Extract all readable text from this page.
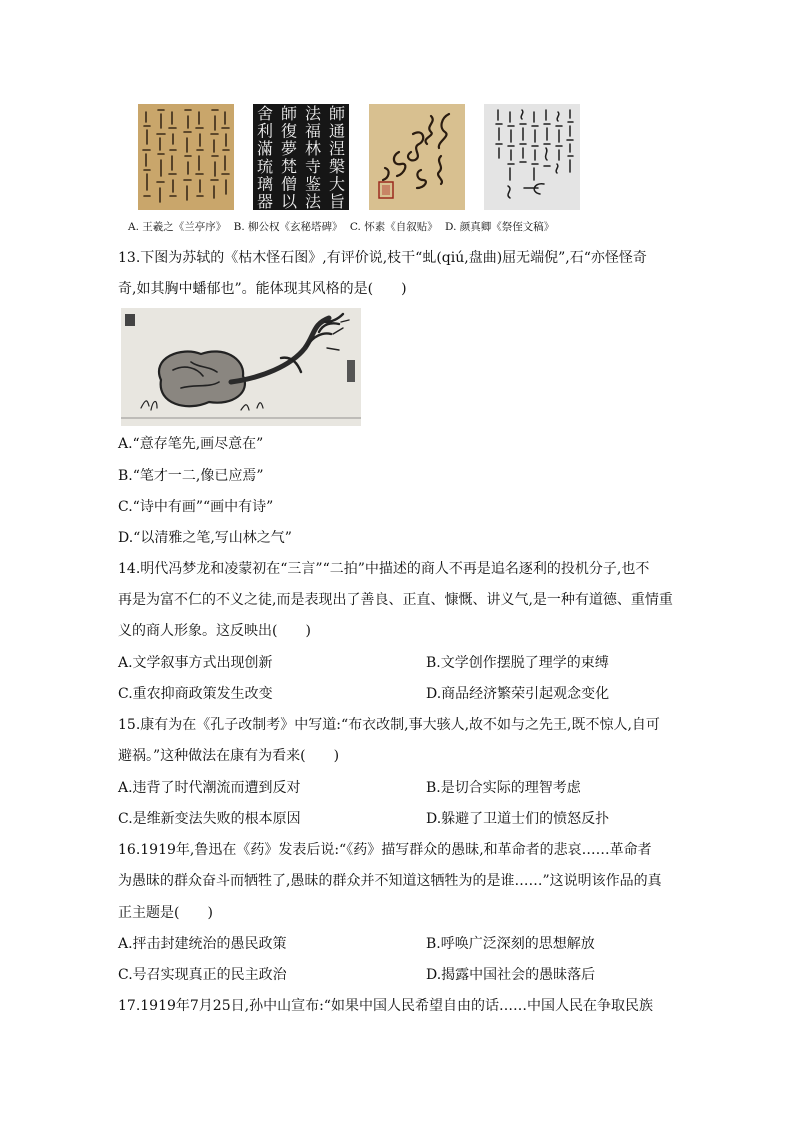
師
通
涅
槃
大
旨
法
福
林
寺
鉴
法
師
復
夢
梵
僧
以
舍
利
滿
琉
璃
器
A. 王羲之《兰亭序》 B. 柳公权《玄秘塔碑》 C. 怀素《自叙贴》 D. 颜真卿《祭侄文稿》
13.下图为苏轼的《枯木怪石图》,有评价说,枝干“虬(qiú,盘曲)屈无端倪”,石“亦怪怪奇
奇,如其胸中蟠郁也”。能体现其风格的是(　　)
A.“意存笔先,画尽意在”
B.“笔才一二,像已应焉”
C.“诗中有画”“画中有诗”
D.“以清雅之笔,写山林之气”
14.明代冯梦龙和凌蒙初在“三言”“二拍”中描述的商人不再是追名逐利的投机分子,也不
再是为富不仁的不义之徒,而是表现出了善良、正直、慷慨、讲义气,是一种有道德、重情重
义的商人形象。这反映出(　　)
A.文学叙事方式出现创新	B.文学创作摆脱了理学的束缚
C.重农抑商政策发生改变	D.商品经济繁荣引起观念变化
15.康有为在《孔子改制考》中写道:“布衣改制,事大骇人,故不如与之先王,既不惊人,自可
避祸。”这种做法在康有为看来(　　)
A.违背了时代潮流而遭到反对	B.是切合实际的理智考虑
C.是维新变法失败的根本原因	D.躲避了卫道士们的愤怒反扑
16.1919年,鲁迅在《药》发表后说:“《药》描写群众的愚昧,和革命者的悲哀……革命者
为愚昧的群众奋斗而牺牲了,愚昧的群众并不知道这牺牲为的是谁……”这说明该作品的真
正主题是(　　)
A.抨击封建统治的愚民政策	B.呼唤广泛深刻的思想解放
C.号召实现真正的民主政治	D.揭露中国社会的愚昧落后
17.1919年7月25日,孙中山宣布:“如果中国人民希望自由的话……中国人民在争取民族
